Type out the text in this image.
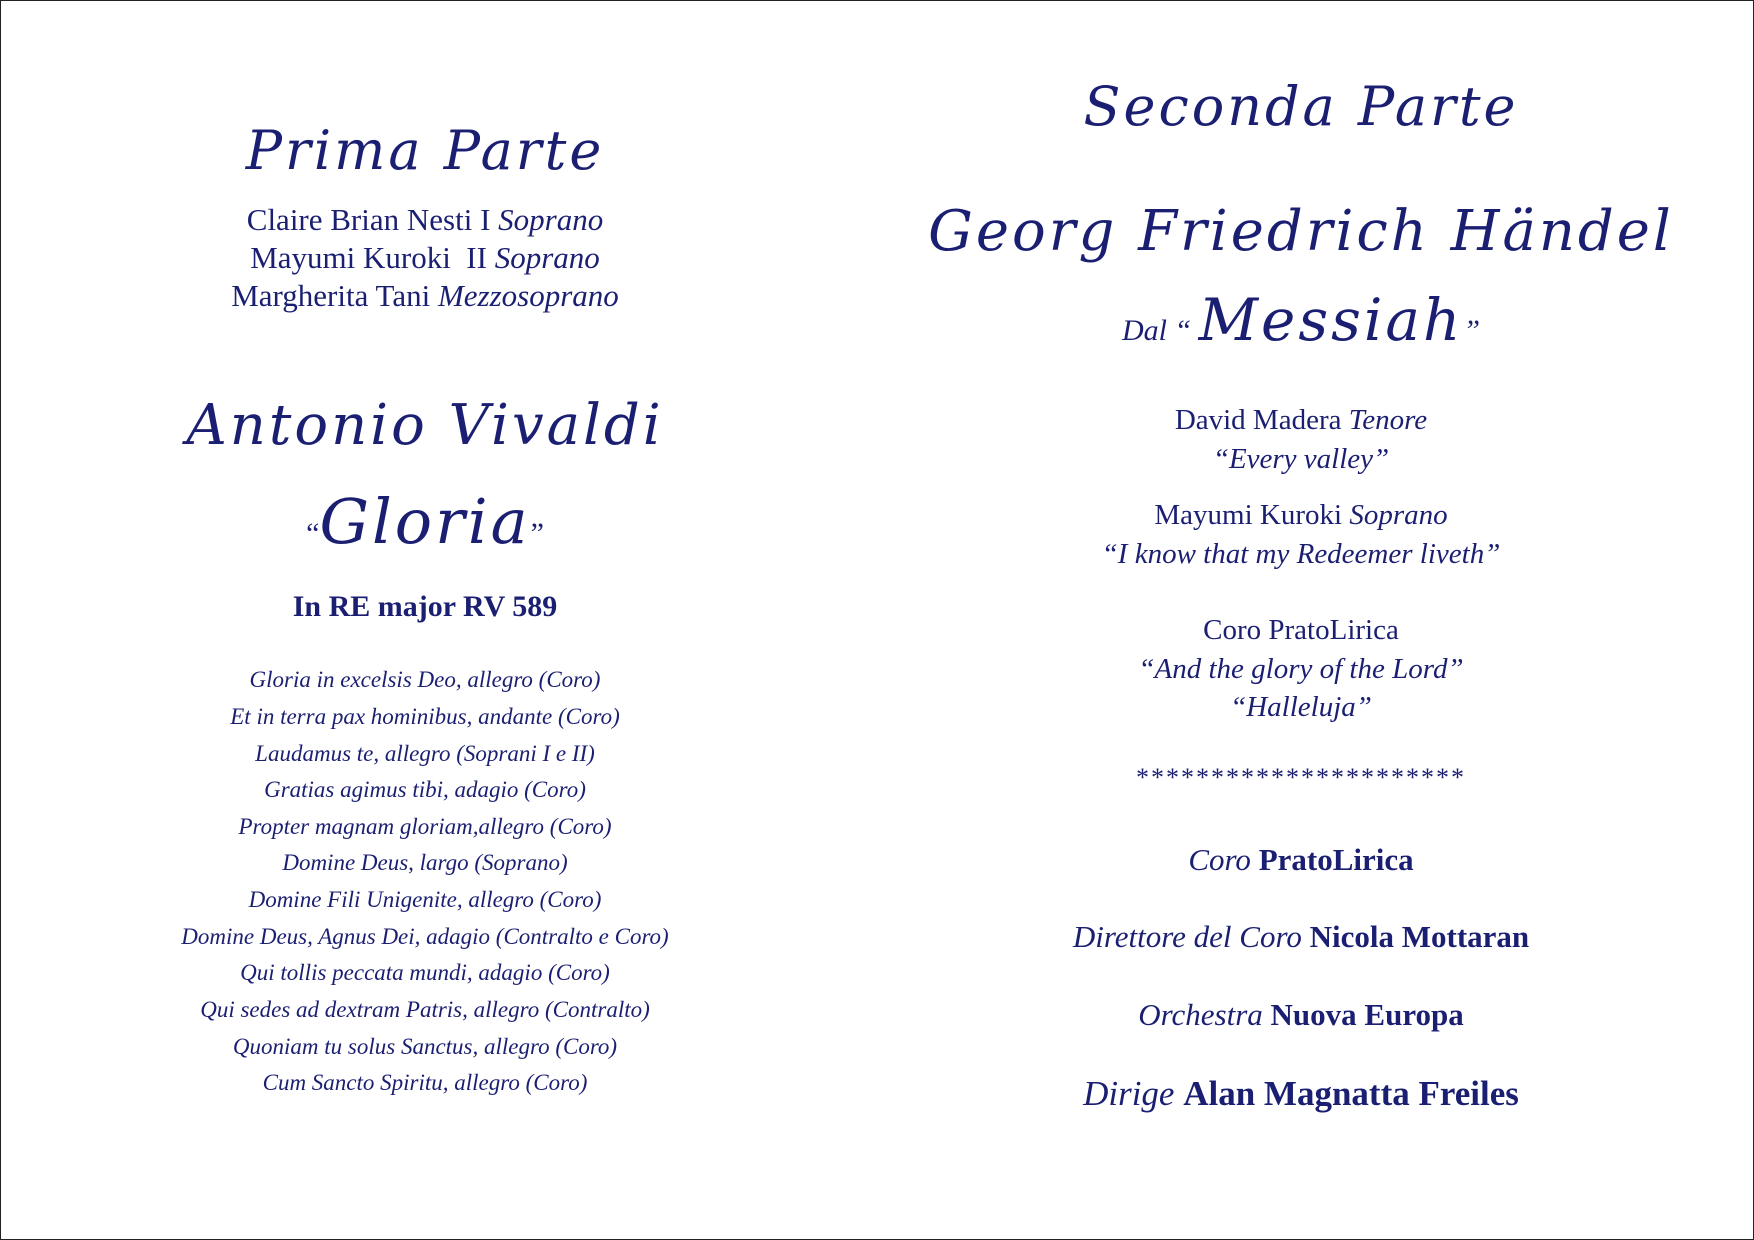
Prima Parte
Claire Brian Nesti I Soprano
Mayumi Kuroki  II Soprano
Margherita Tani Mezzosoprano
Antonio Vivaldi
“Gloria”
In RE major RV 589
Gloria in excelsis Deo, allegro (Coro)
Et in terra pax hominibus, andante (Coro)
Laudamus te, allegro (Soprani I e II)
Gratias agimus tibi, adagio (Coro)
Propter magnam gloriam,allegro (Coro)
Domine Deus, largo (Soprano)
Domine Fili Unigenite, allegro (Coro)
Domine Deus, Agnus Dei, adagio (Contralto e Coro)
Qui tollis peccata mundi, adagio (Coro)
Qui sedes ad dextram Patris, allegro (Contralto)
Quoniam tu solus Sanctus, allegro (Coro)
Cum Sancto Spiritu, allegro (Coro)
Seconda Parte
Georg Friedrich Händel
Dal “ Messiah”
David Madera Tenore
“Every valley”
Mayumi Kuroki Soprano
“I know that my Redeemer liveth”
Coro PratoLirica
“And the glory of the Lord”
“Halleluja”
**********************
Coro PratoLirica
Direttore del Coro Nicola Mottaran
Orchestra Nuova Europa
Dirige Alan Magnatta Freiles
